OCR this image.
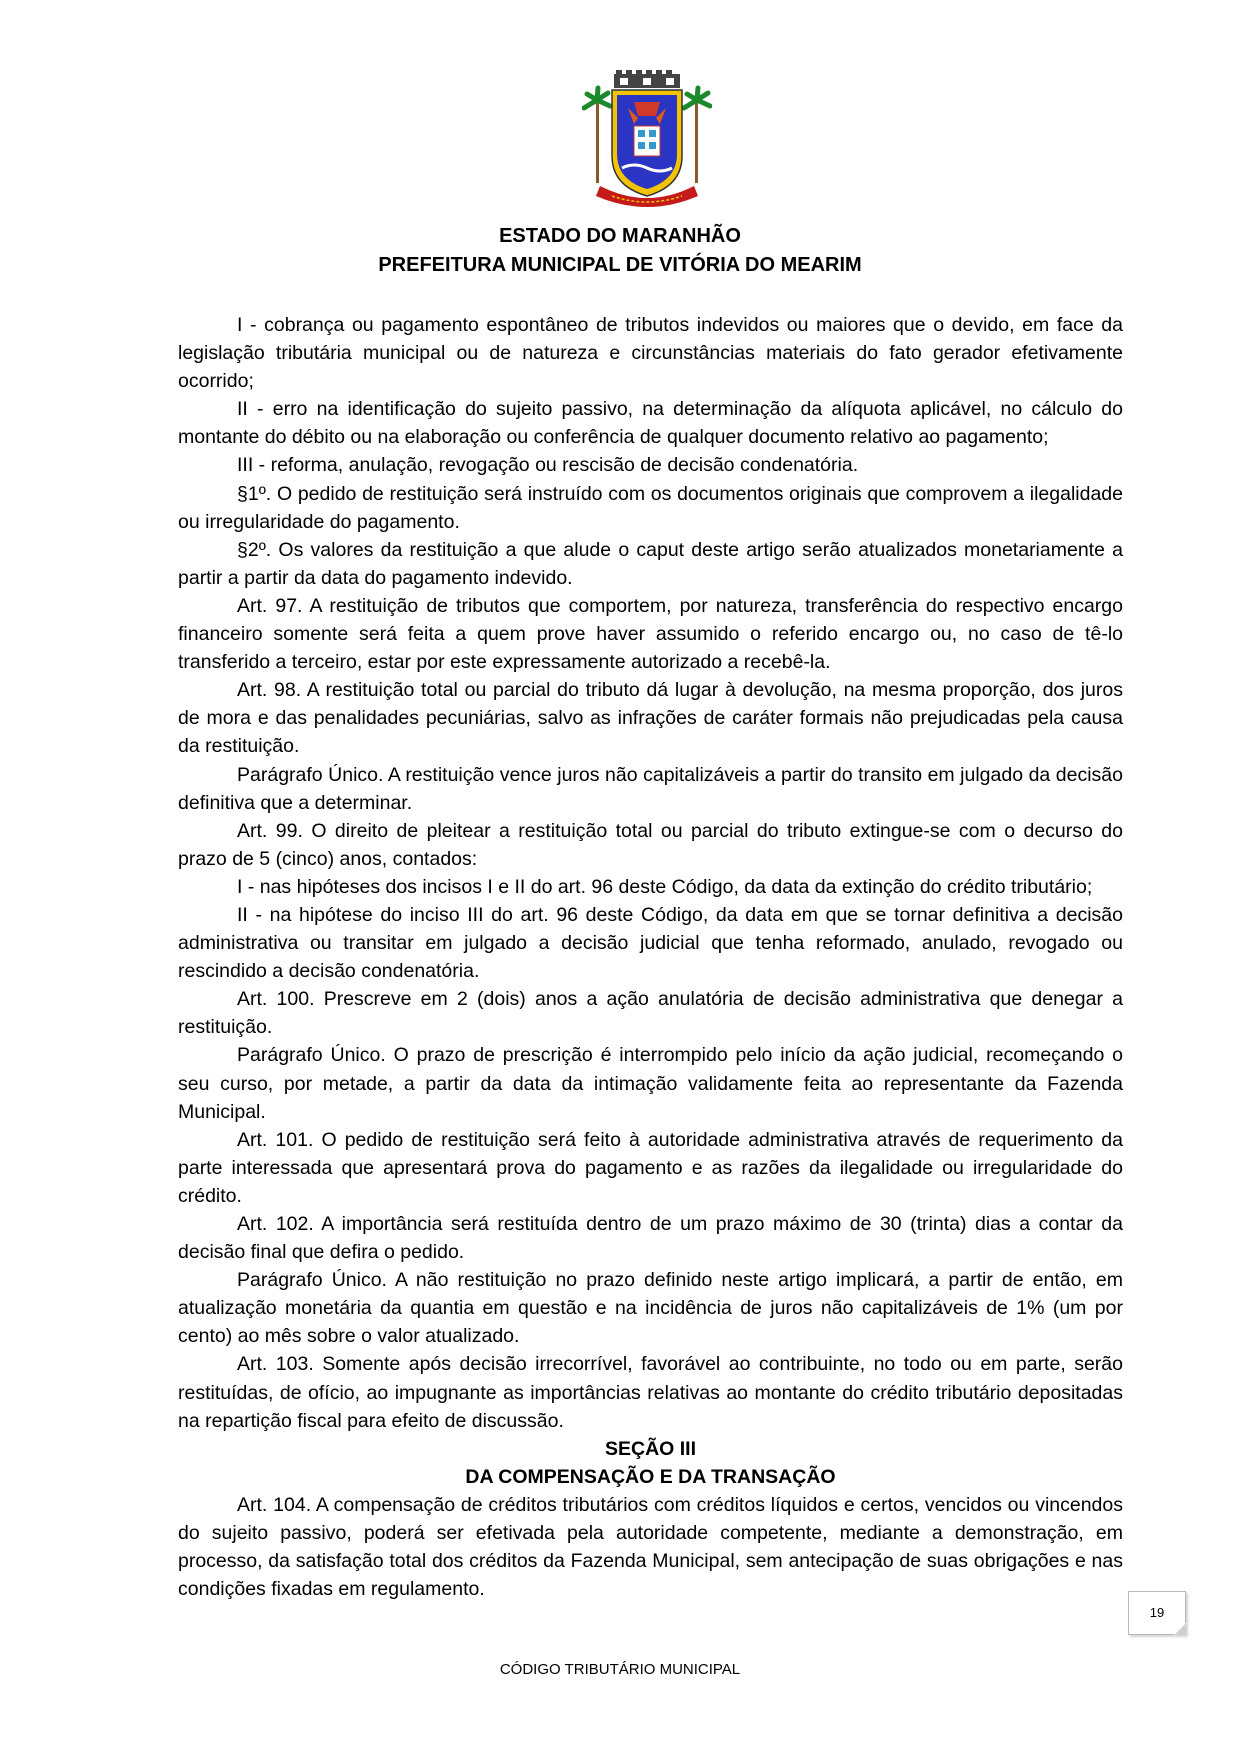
ESTADO DO MARANHÃO
PREFEITURA MUNICIPAL DE VITÓRIA DO MEARIM

I - cobrança ou pagamento espontâneo de tributos indevidos ou maiores que o devido, em face da legislação tributária municipal ou de natureza e circunstâncias materiais do fato gerador efetivamente ocorrido;

II - erro na identificação do sujeito passivo, na determinação da alíquota aplicável, no cálculo do montante do débito ou na elaboração ou conferência de qualquer documento relativo ao pagamento;

III - reforma, anulação, revogação ou rescisão de decisão condenatória.

§1º. O pedido de restituição será instruído com os documentos originais que comprovem a ilegalidade ou irregularidade do pagamento.

§2º. Os valores da restituição a que alude o caput deste artigo serão atualizados monetariamente a partir a partir da data do pagamento indevido.

Art. 97. A restituição de tributos que comportem, por natureza, transferência do respectivo encargo financeiro somente será feita a quem prove haver assumido o referido encargo ou, no caso de tê-lo transferido a terceiro, estar por este expressamente autorizado a recebê-la.

Art. 98. A restituição total ou parcial do tributo dá lugar à devolução, na mesma proporção, dos juros de mora e das penalidades pecuniárias, salvo as infrações de caráter formais não prejudicadas pela causa da restituição.

Parágrafo Único. A restituição vence juros não capitalizáveis a partir do transito em julgado da decisão definitiva que a determinar.

Art. 99. O direito de pleitear a restituição total ou parcial do tributo extingue-se com o decurso do prazo de 5 (cinco) anos, contados:

I - nas hipóteses dos incisos I e II do art. 96 deste Código, da data da extinção do crédito tributário;

II - na hipótese do inciso III do art. 96 deste Código, da data em que se tornar definitiva a decisão administrativa ou transitar em julgado a decisão judicial que tenha reformado, anulado, revogado ou rescindido a decisão condenatória.

Art. 100. Prescreve em 2 (dois) anos a ação anulatória de decisão administrativa que denegar a restituição.

Parágrafo Único. O prazo de prescrição é interrompido pelo início da ação judicial, recomeçando o seu curso, por metade, a partir da data da intimação validamente feita ao representante da Fazenda Municipal.

Art. 101. O pedido de restituição será feito à autoridade administrativa através de requerimento da parte interessada que apresentará prova do pagamento e as razões da ilegalidade ou irregularidade do crédito.

Art. 102. A importância será restituída dentro de um prazo máximo de 30 (trinta) dias a contar da decisão final que defira o pedido.

Parágrafo Único. A não restituição no prazo definido neste artigo implicará, a partir de então, em atualização monetária da quantia em questão e na incidência de juros não capitalizáveis de 1% (um por cento) ao mês sobre o valor atualizado.

Art. 103. Somente após decisão irrecorrível, favorável ao contribuinte, no todo ou em parte, serão restituídas, de ofício, ao impugnante as importâncias relativas ao montante do crédito tributário depositadas na repartição fiscal para efeito de discussão.

SEÇÃO III

DA COMPENSAÇÃO E DA TRANSAÇÃO

Art. 104. A compensação de créditos tributários com créditos líquidos e certos, vencidos ou vincendos do sujeito passivo, poderá ser efetivada pela autoridade competente, mediante a demonstração, em processo, da satisfação total dos créditos da Fazenda Municipal, sem antecipação de suas obrigações e nas condições fixadas em regulamento.

19
CÓDIGO TRIBUTÁRIO MUNICIPAL
